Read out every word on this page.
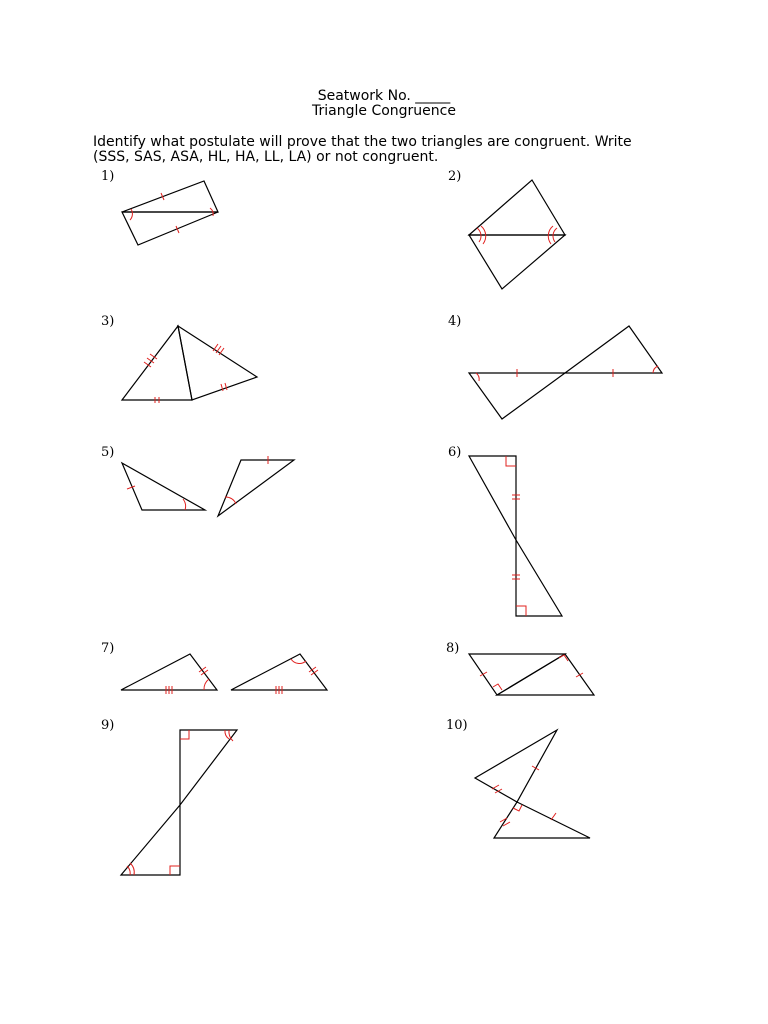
Seatwork No. _____
Triangle Congruence
Identify what postulate will prove that the two triangles are congruent. Write
(SSS, SAS, ASA, HL, HA, LL, LA) or not congruent.
1)	2)
3)	4)
5)	6)
7)	8)
9)	10)
